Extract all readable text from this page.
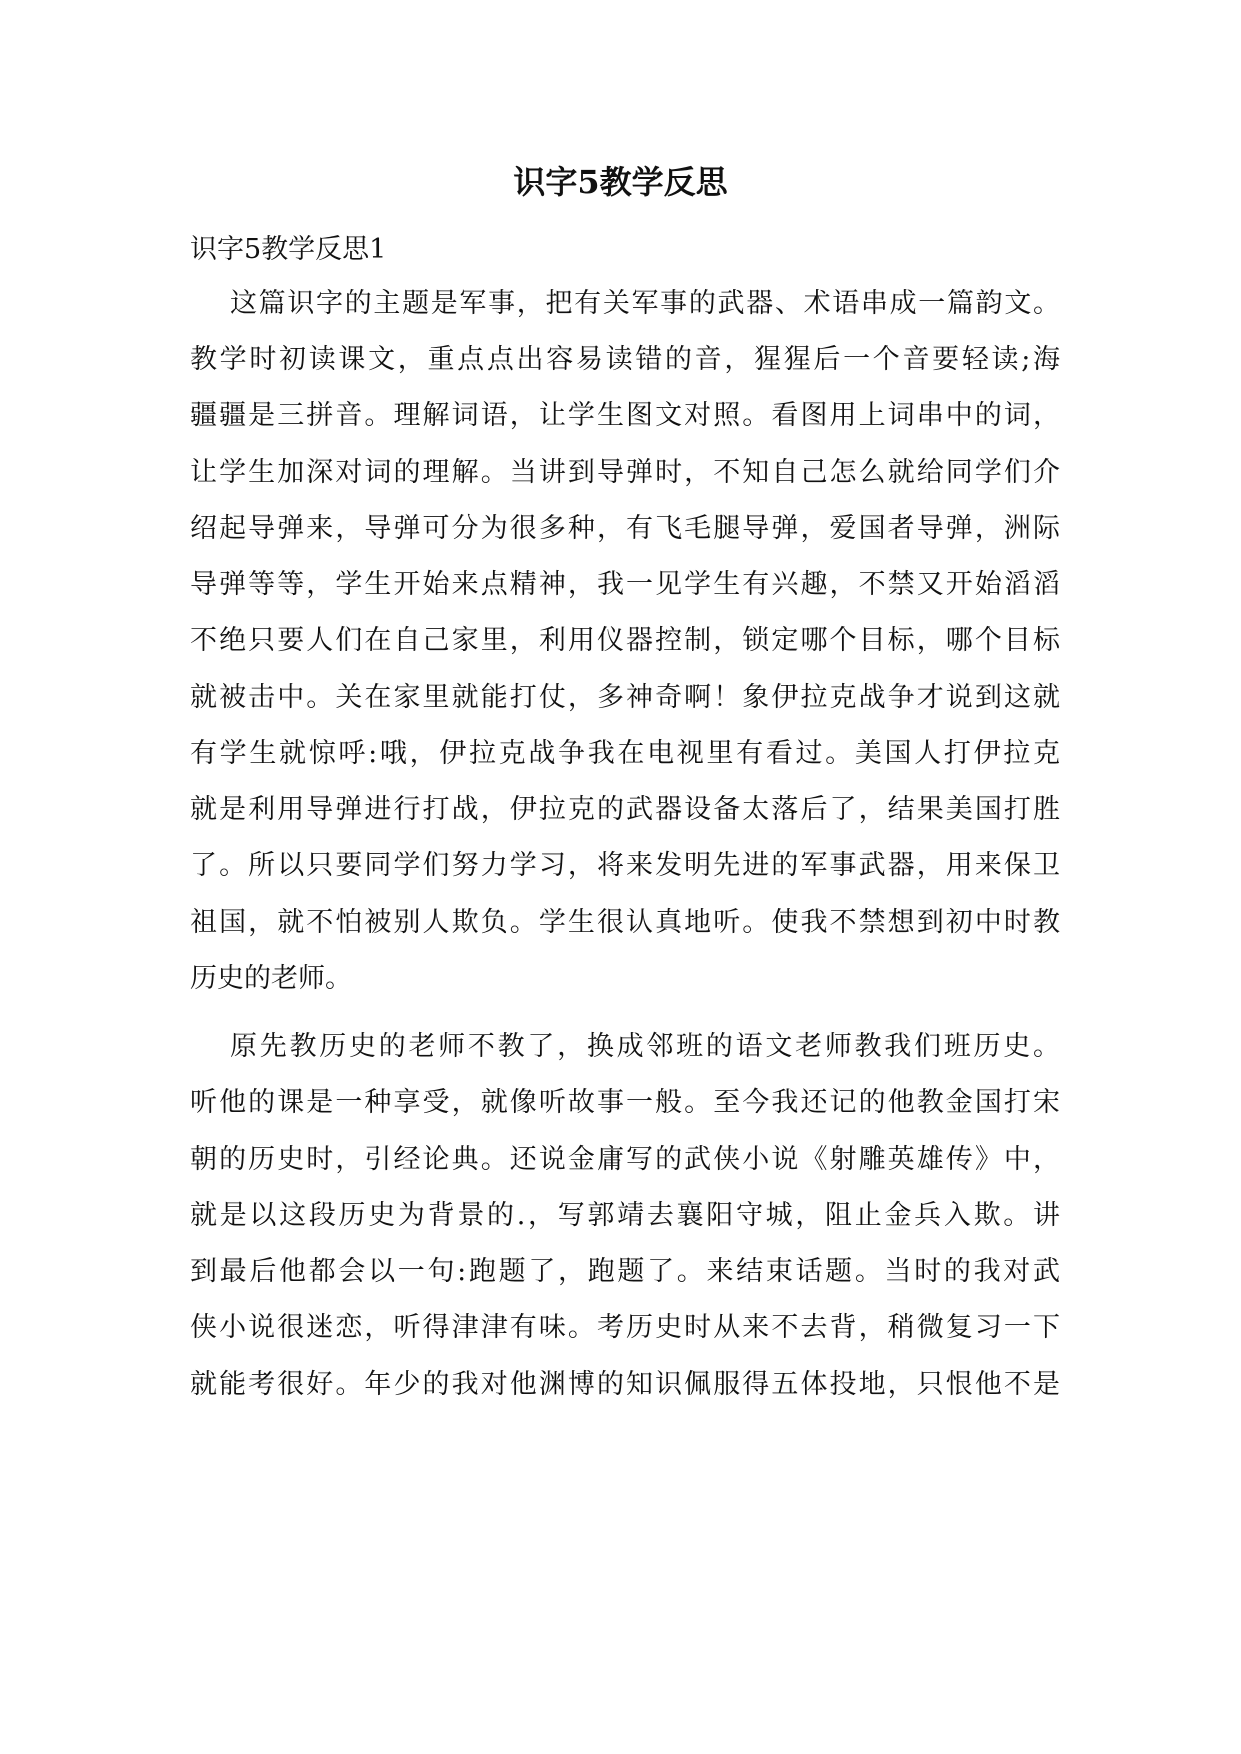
识字5教学反思

识字5教学反思1

这篇识字的主题是军事，把有关军事的武器、术语串成一篇韵文。

教学时初读课文，重点点出容易读错的音，猩猩后一个音要轻读;海

疆疆是三拼音。理解词语，让学生图文对照。看图用上词串中的词，

让学生加深对词的理解。当讲到导弹时，不知自己怎么就给同学们介

绍起导弹来，导弹可分为很多种，有飞毛腿导弹，爱国者导弹，洲际

导弹等等，学生开始来点精神，我一见学生有兴趣，不禁又开始滔滔

不绝只要人们在自己家里，利用仪器控制，锁定哪个目标，哪个目标

就被击中。关在家里就能打仗，多神奇啊！象伊拉克战争才说到这就

有学生就惊呼:哦，伊拉克战争我在电视里有看过。美国人打伊拉克

就是利用导弹进行打战，伊拉克的武器设备太落后了，结果美国打胜

了。所以只要同学们努力学习，将来发明先进的军事武器，用来保卫

祖国，就不怕被别人欺负。学生很认真地听。使我不禁想到初中时教

历史的老师。

原先教历史的老师不教了，换成邻班的语文老师教我们班历史。

听他的课是一种享受，就像听故事一般。至今我还记的他教金国打宋

朝的历史时，引经论典。还说金庸写的武侠小说《射雕英雄传》中，

就是以这段历史为背景的.，写郭靖去襄阳守城，阻止金兵入欺。讲

到最后他都会以一句:跑题了，跑题了。来结束话题。当时的我对武

侠小说很迷恋，听得津津有味。考历史时从来不去背，稍微复习一下

就能考很好。年少的我对他渊博的知识佩服得五体投地，只恨他不是
